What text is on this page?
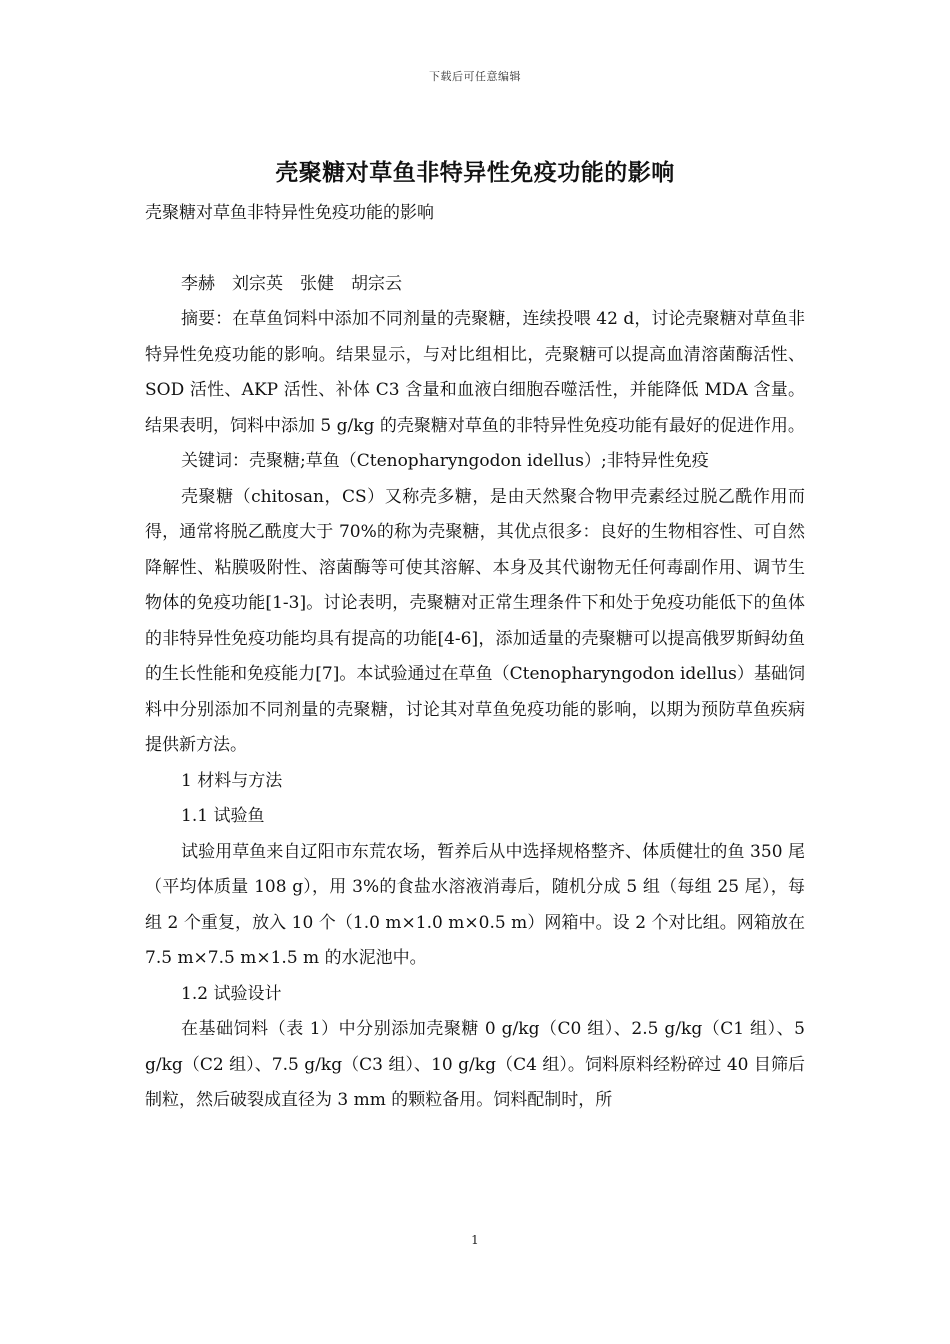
下载后可任意编辑
壳聚糖对草鱼非特异性免疫功能的影响

壳聚糖对草鱼非特异性免疫功能的影响

李赫　刘宗英　张健　胡宗云

摘要：在草鱼饲料中添加不同剂量的壳聚糖，连续投喂 42 d，讨论壳聚糖对草鱼非特异性免疫功能的影响。结果显示，与对比组相比，壳聚糖可以提高血清溶菌酶活性、SOD 活性、AKP 活性、补体 C3 含量和血液白细胞吞噬活性，并能降低 MDA 含量。结果表明，饲料中添加 5 g/kg 的壳聚糖对草鱼的非特异性免疫功能有最好的促进作用。

关键词：壳聚糖;草鱼（Ctenopharyngodon idellus）;非特异性免疫

壳聚糖（chitosan，CS）又称壳多糖，是由天然聚合物甲壳素经过脱乙酰作用而得，通常将脱乙酰度大于 70%的称为壳聚糖，其优点很多：良好的生物相容性、可自然降解性、粘膜吸附性、溶菌酶等可使其溶解、本身及其代谢物无任何毒副作用、调节生物体的免疫功能[1-3]。讨论表明，壳聚糖对正常生理条件下和处于免疫功能低下的鱼体的非特异性免疫功能均具有提高的功能[4-6]，添加适量的壳聚糖可以提高俄罗斯鲟幼鱼的生长性能和免疫能力[7]。本试验通过在草鱼（Ctenopharyngodon idellus）基础饲料中分别添加不同剂量的壳聚糖，讨论其对草鱼免疫功能的影响，以期为预防草鱼疾病提供新方法。

1 材料与方法

1.1 试验鱼

试验用草鱼来自辽阳市东荒农场，暂养后从中选择规格整齐、体质健壮的鱼 350 尾（平均体质量 108 g），用 3%的食盐水溶液消毒后，随机分成 5 组（每组 25 尾），每组 2 个重复，放入 10 个（1.0 m×1.0 m×0.5 m）网箱中。设 2 个对比组。网箱放在 7.5 m×7.5 m×1.5 m 的水泥池中。

1.2 试验设计

在基础饲料（表 1）中分别添加壳聚糖 0 g/kg（C0 组）、2.5 g/kg（C1 组）、5 g/kg（C2 组）、7.5 g/kg（C3 组）、10 g/kg（C4 组）。饲料原料经粉碎过 40 目筛后制粒，然后破裂成直径为 3 mm 的颗粒备用。饲料配制时，所

1
